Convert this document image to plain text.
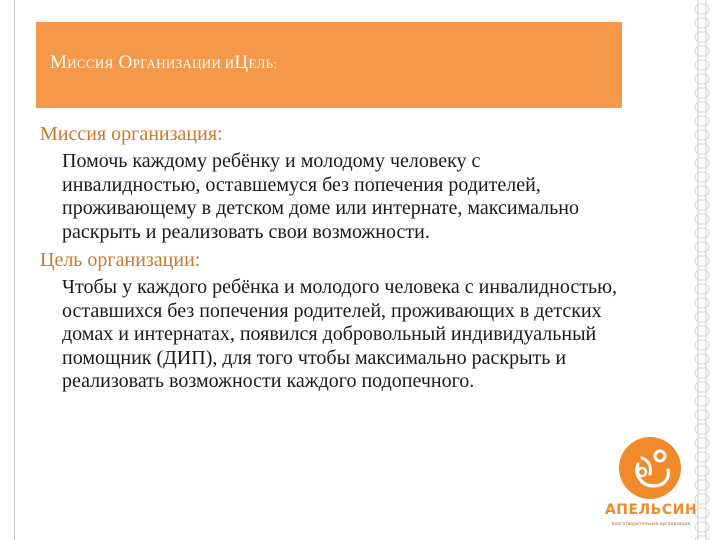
МИССИЯ ОРГАНИЗАЦИИ ИЦЕЛЬ:

Миссия организация:

Помочь каждому ребёнку и молодому человеку с инвалидностью, оставшемуся без попечения родителей, проживающему в детском доме или интернате, максимально раскрыть и реализовать свои возможности.

Цель организации:

Чтобы у каждого ребёнка и молодого человека с инвалидностью, оставшихся без попечения родителей, проживающих в детских домах и интернатах, появился добровольный индивидуальный помощник (ДИП), для того чтобы максимально раскрыть и реализовать возможности каждого подопечного.

АПЕЛЬСИН
благотворительная организация
